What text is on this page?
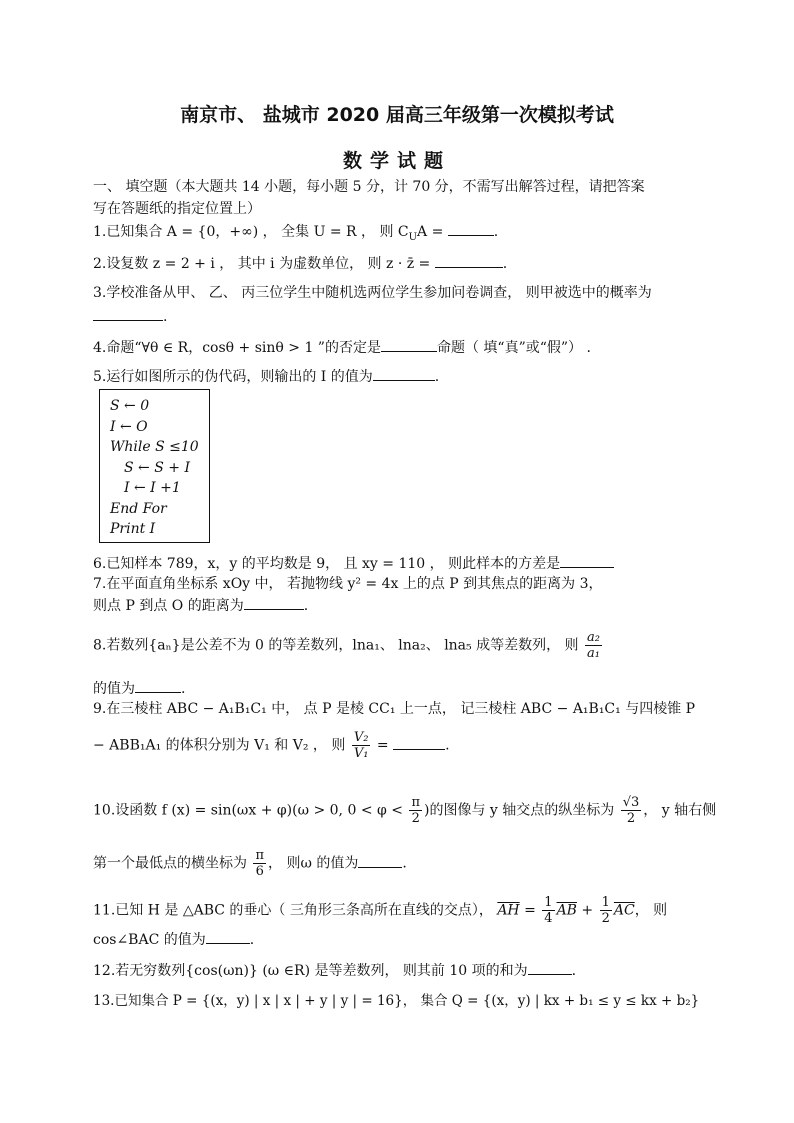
南京市、 盐城市 2020 届高三年级第一次模拟考试
数学试题
一、 填空题（本大题共 14 小题，每小题 5 分，计 70 分，不需写出解答过程，请把答案
写在答题纸的指定位置上）
1.已知集合 A = {0，+∞) ， 全集 U = R ， 则 $C_UA$ =	.
2.设复数 z = 2 + i ， 其中 i 为虚数单位， 则 z · z̄ =	.
3.学校准备从甲、 乙、 丙三位学生中随机选两位学生参加问卷调查， 则甲被选中的概率为
.
4.命题“∀θ ∈ R，cosθ + sinθ > 1 ”的否定是	命题（ 填“真”或“假”） .
5.运行如图所示的伪代码，则输出的 I 的值为	.
S ← 0
I ← O
While S ≤10
S ← S + I
I ← I +1
End For
Print I
6.已知样本 789，x，y 的平均数是 9， 且 xy = 110 ， 则此样本的方差是
7.在平面直角坐标系 xOy 中， 若抛物线 y² = 4x 上的点 P 到其焦点的距离为 3，
则点 P 到点 O 的距离为	.
8.若数列{aₙ}是公差不为 0 的等差数列，lna₁、 lna₂、 lna₅ 成等差数列， 则 $\frac{\text{a₂}}{\text{a₁}}$
的值为	.
9.在三棱柱 ABC − A₁B₁C₁ 中， 点 P 是棱 CC₁ 上一点， 记三棱柱 ABC − A₁B₁C₁ 与四棱锥 P
− ABB₁A₁ 的体积分别为 V₁ 和 V₂ ， 则 $\frac{\text{V₂}}{\text{V₁}}$ =	.
10.设函数 f (x) = sin(ωx + φ)(ω > 0, $0 < \varphi < \frac{\pi}{2}$ )的图像与 y 轴交点的纵坐标为 $\frac{√3}{2}$ ， y 轴右侧
第一个最低点的横坐标为 $\frac{\pi}{6}$ ， 则ω 的值为	.
11.已知 H 是 △ABC 的垂心（ 三角形三条高所在直线的交点）， $\overline{AH} = \frac{1}{4} \overline{AB} + \frac{1}{2} \overline{AC}$， 则
cos∠BAC 的值为	.
12.若无穷数列{cos(ωn)} (ω ∈R) 是等差数列， 则其前 10 项的和为	.
13.已知集合 P = {(x，y) | x | x | + y | y | = 16}， 集合 Q = {(x，y) | kx + b₁ ≤ y ≤ kx + b₂}
